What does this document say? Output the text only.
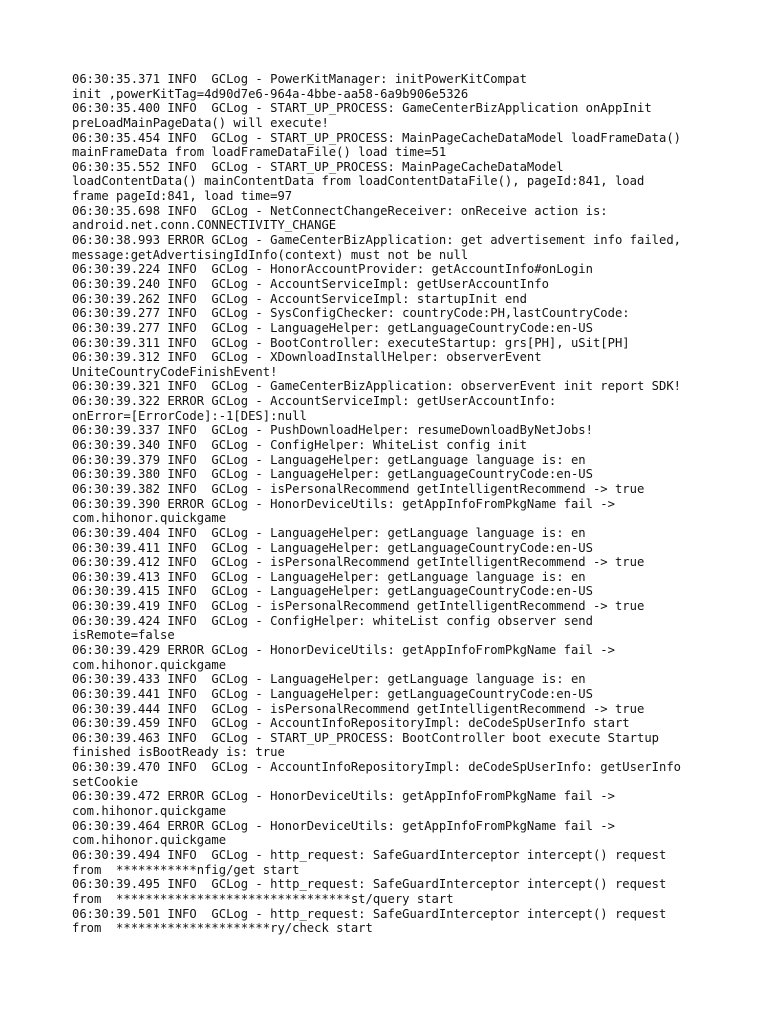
06:30:35.371 INFO  GCLog - PowerKitManager: initPowerKitCompat
init ,powerKitTag=4d90d7e6-964a-4bbe-aa58-6a9b906e5326
06:30:35.400 INFO  GCLog - START_UP_PROCESS: GameCenterBizApplication onAppInit
preLoadMainPageData() will execute!
06:30:35.454 INFO  GCLog - START_UP_PROCESS: MainPageCacheDataModel loadFrameData()
mainFrameData from loadFrameDataFile() load time=51
06:30:35.552 INFO  GCLog - START_UP_PROCESS: MainPageCacheDataModel
loadContentData() mainContentData from loadContentDataFile(), pageId:841, load
frame pageId:841, load time=97
06:30:35.698 INFO  GCLog - NetConnectChangeReceiver: onReceive action is:
android.net.conn.CONNECTIVITY_CHANGE
06:30:38.993 ERROR GCLog - GameCenterBizApplication: get advertisement info failed,
message:getAdvertisingIdInfo(context) must not be null
06:30:39.224 INFO  GCLog - HonorAccountProvider: getAccountInfo#onLogin
06:30:39.240 INFO  GCLog - AccountServiceImpl: getUserAccountInfo
06:30:39.262 INFO  GCLog - AccountServiceImpl: startupInit end
06:30:39.277 INFO  GCLog - SysConfigChecker: countryCode:PH,lastCountryCode:
06:30:39.277 INFO  GCLog - LanguageHelper: getLanguageCountryCode:en-US
06:30:39.311 INFO  GCLog - BootController: executeStartup: grs[PH], uSit[PH]
06:30:39.312 INFO  GCLog - XDownloadInstallHelper: observerEvent
UniteCountryCodeFinishEvent!
06:30:39.321 INFO  GCLog - GameCenterBizApplication: observerEvent init report SDK!
06:30:39.322 ERROR GCLog - AccountServiceImpl: getUserAccountInfo:
onError=[ErrorCode]:-1[DES]:null
06:30:39.337 INFO  GCLog - PushDownloadHelper: resumeDownloadByNetJobs!
06:30:39.340 INFO  GCLog - ConfigHelper: WhiteList config init
06:30:39.379 INFO  GCLog - LanguageHelper: getLanguage language is: en
06:30:39.380 INFO  GCLog - LanguageHelper: getLanguageCountryCode:en-US
06:30:39.382 INFO  GCLog - isPersonalRecommend getIntelligentRecommend -> true
06:30:39.390 ERROR GCLog - HonorDeviceUtils: getAppInfoFromPkgName fail ->
com.hihonor.quickgame
06:30:39.404 INFO  GCLog - LanguageHelper: getLanguage language is: en
06:30:39.411 INFO  GCLog - LanguageHelper: getLanguageCountryCode:en-US
06:30:39.412 INFO  GCLog - isPersonalRecommend getIntelligentRecommend -> true
06:30:39.413 INFO  GCLog - LanguageHelper: getLanguage language is: en
06:30:39.415 INFO  GCLog - LanguageHelper: getLanguageCountryCode:en-US
06:30:39.419 INFO  GCLog - isPersonalRecommend getIntelligentRecommend -> true
06:30:39.424 INFO  GCLog - ConfigHelper: whiteList config observer send
isRemote=false
06:30:39.429 ERROR GCLog - HonorDeviceUtils: getAppInfoFromPkgName fail ->
com.hihonor.quickgame
06:30:39.433 INFO  GCLog - LanguageHelper: getLanguage language is: en
06:30:39.441 INFO  GCLog - LanguageHelper: getLanguageCountryCode:en-US
06:30:39.444 INFO  GCLog - isPersonalRecommend getIntelligentRecommend -> true
06:30:39.459 INFO  GCLog - AccountInfoRepositoryImpl: deCodeSpUserInfo start
06:30:39.463 INFO  GCLog - START_UP_PROCESS: BootController boot execute Startup
finished isBootReady is: true
06:30:39.470 INFO  GCLog - AccountInfoRepositoryImpl: deCodeSpUserInfo: getUserInfo
setCookie
06:30:39.472 ERROR GCLog - HonorDeviceUtils: getAppInfoFromPkgName fail ->
com.hihonor.quickgame
06:30:39.464 ERROR GCLog - HonorDeviceUtils: getAppInfoFromPkgName fail ->
com.hihonor.quickgame
06:30:39.494 INFO  GCLog - http_request: SafeGuardInterceptor intercept() request
from  ***********nfig/get start
06:30:39.495 INFO  GCLog - http_request: SafeGuardInterceptor intercept() request
from  ********************************st/query start
06:30:39.501 INFO  GCLog - http_request: SafeGuardInterceptor intercept() request
from  *********************ry/check start
